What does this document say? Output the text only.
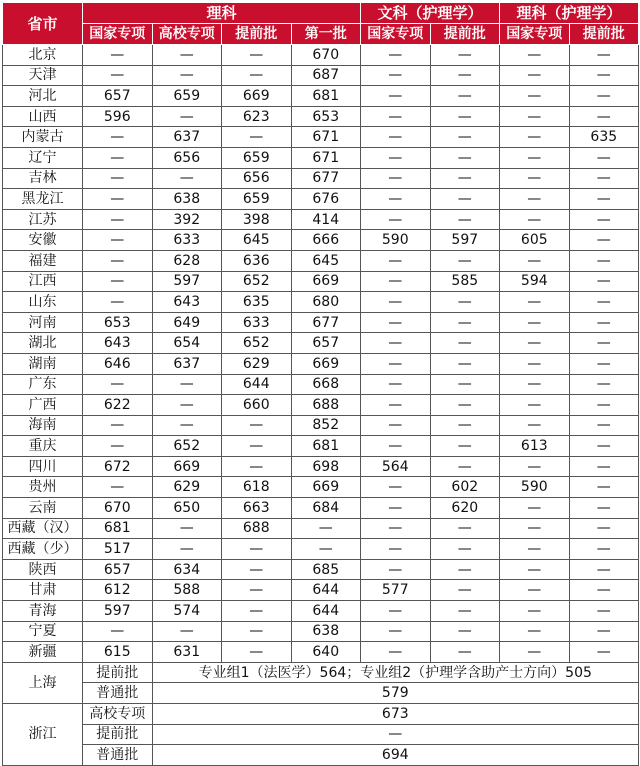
省市	理科				文科（护理学）		理科（护理学）	
	国家专项	高校专项	提前批	第一批	国家专项	提前批	国家专项	提前批
北京	—	—	—	670	—	—	—	—
天津	—	—	—	687	—	—	—	—
河北	657	659	669	681	—	—	—	—
山西	596	—	623	653	—	—	—	—
内蒙古	—	637	—	671	—	—	—	635
辽宁	—	656	659	671	—	—	—	—
吉林	—	—	656	677	—	—	—	—
黑龙江	—	638	659	676	—	—	—	—
江苏	—	392	398	414	—	—	—	—
安徽	—	633	645	666	590	597	605	—
福建	—	628	636	645	—	—	—	—
江西	—	597	652	669	—	585	594	—
山东	—	643	635	680	—	—	—	—
河南	653	649	633	677	—	—	—	—
湖北	643	654	652	657	—	—	—	—
湖南	646	637	629	669	—	—	—	—
广东	—	—	644	668	—	—	—	—
广西	622	—	660	688	—	—	—	—
海南	—	—	—	852	—	—	—	—
重庆	—	652	—	681	—	—	613	—
四川	672	669	—	698	564	—	—	—
贵州	—	629	618	669	—	602	590	—
云南	670	650	663	684	—	620	—	—
西藏（汉）	681	—	688	—	—	—	—	—
西藏（少）	517	—	—	—	—	—	—	—
陕西	657	634	—	685	—	—	—	—
甘肃	612	588	—	644	577	—	—	—
青海	597	574	—	644	—	—	—	—
宁夏	—	—	—	638	—	—	—	—
新疆	615	631	—	640	—	—	—	—
上海	提前批	专业组1（法医学）564；专业组2（护理学含助产士方向）505						
	普通批	579						
浙江	高校专项	673						
	提前批	—						
	普通批	694						
